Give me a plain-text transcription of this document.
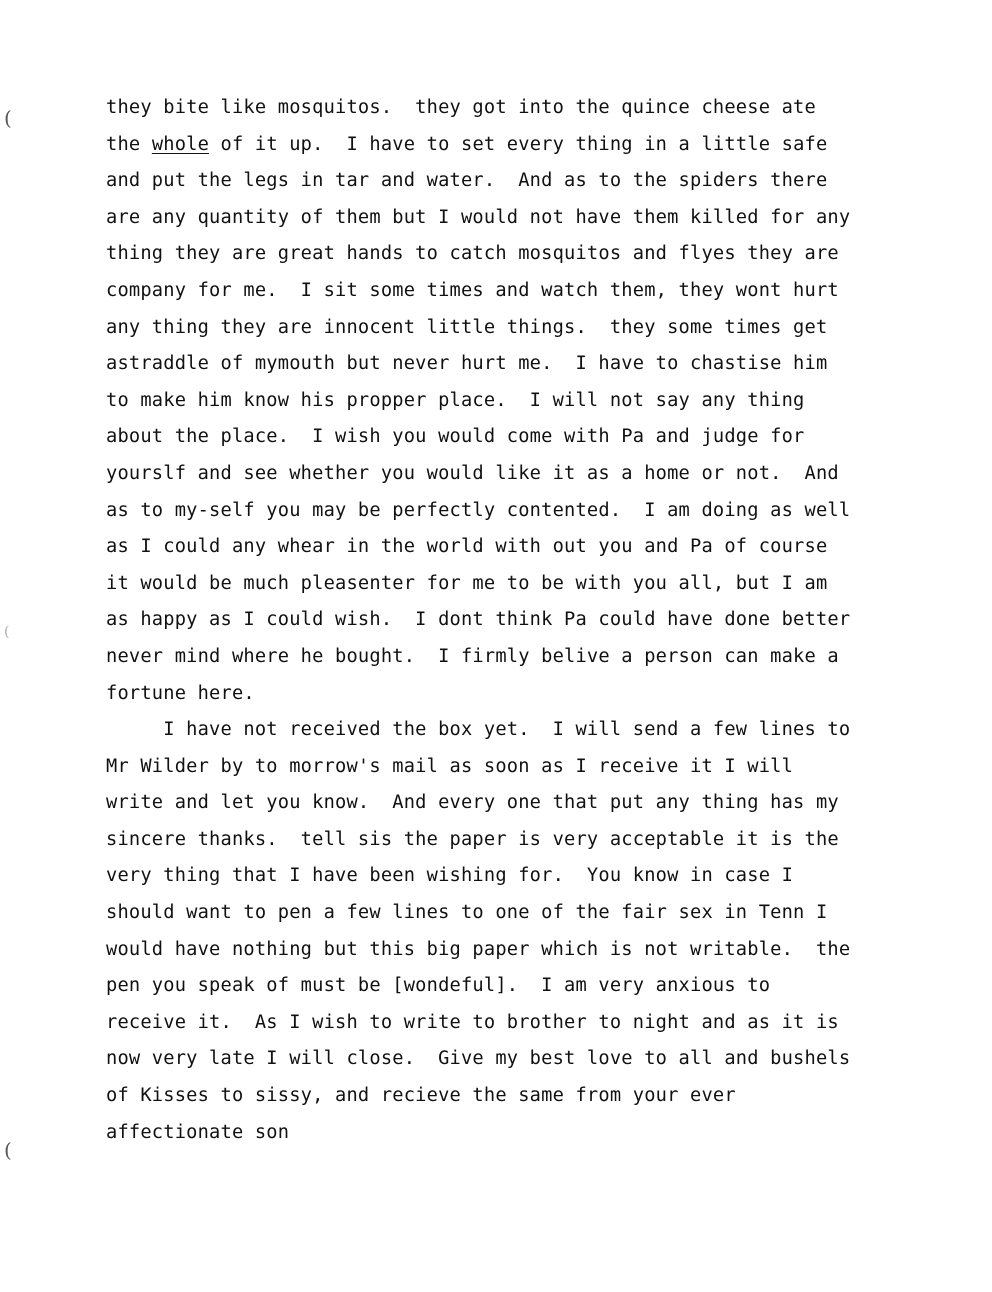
(
(
(
they bite like mosquitos.  they got into the quince cheese ate
the whole of it up.  I have to set every thing in a little safe
and put the legs in tar and water.  And as to the spiders there
are any quantity of them but I would not have them killed for any
thing they are great hands to catch mosquitos and flyes they are
company for me.  I sit some times and watch them, they wont hurt
any thing they are innocent little things.  they some times get
astraddle of mymouth but never hurt me.  I have to chastise him
to make him know his propper place.  I will not say any thing
about the place.  I wish you would come with Pa and judge for
yourslf and see whether you would like it as a home or not.  And
as to my-self you may be perfectly contented.  I am doing as well
as I could any whear in the world with out you and Pa of course
it would be much pleasenter for me to be with you all, but I am
as happy as I could wish.  I dont think Pa could have done better
never mind where he bought.  I firmly belive a person can make a
fortune here.
I have not received the box yet.  I will send a few lines to
Mr Wilder by to morrow's mail as soon as I receive it I will
write and let you know.  And every one that put any thing has my
sincere thanks.  tell sis the paper is very acceptable it is the
very thing that I have been wishing for.  You know in case I
should want to pen a few lines to one of the fair sex in Tenn I
would have nothing but this big paper which is not writable.  the
pen you speak of must be [wondeful].  I am very anxious to
receive it.  As I wish to write to brother to night and as it is
now very late I will close.  Give my best love to all and bushels
of Kisses to sissy, and recieve the same from your ever
affectionate son
